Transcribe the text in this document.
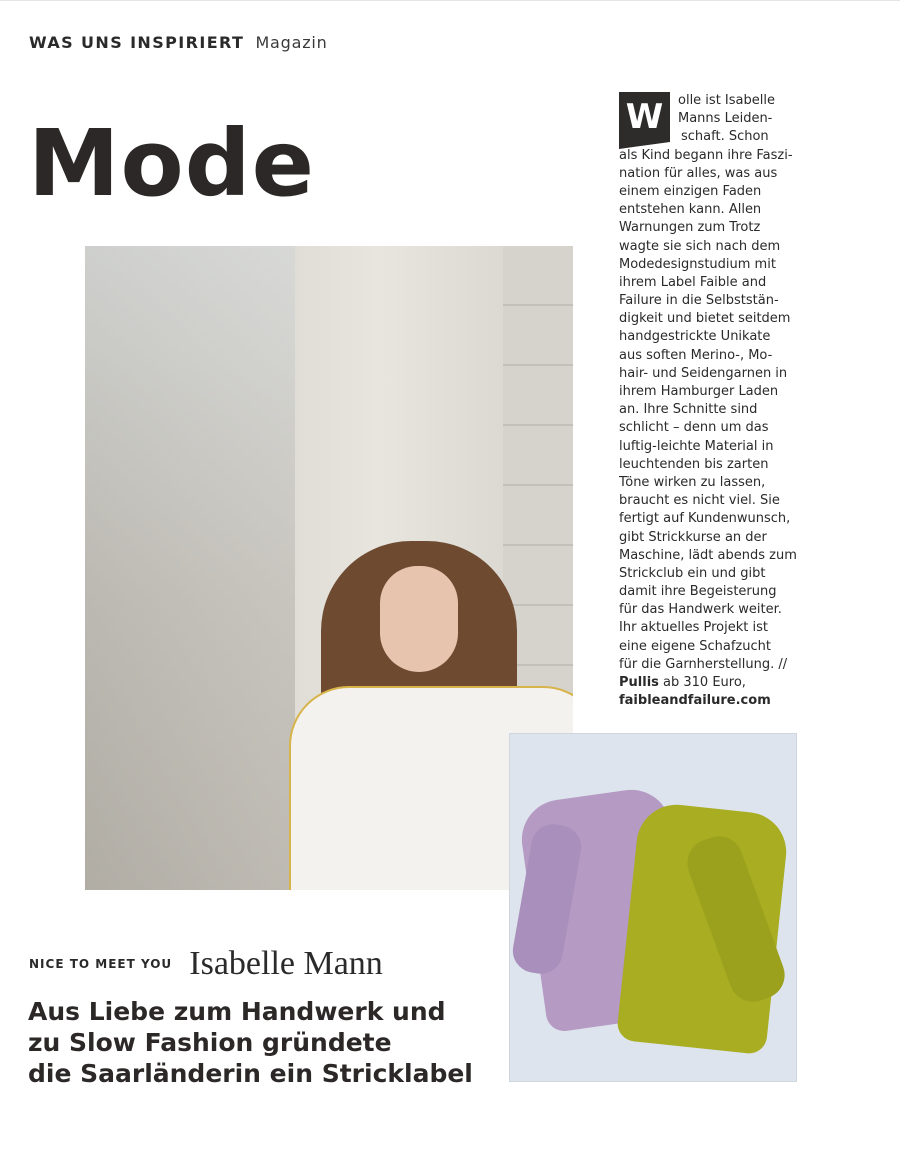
WAS UNS INSPIRIERT Magazin
Mode	W	olle ist Isabelle
Manns Leiden-
schaft. Schon
als Kind begann ihre Faszi-
nation für alles, was aus
einem einzigen Faden
entstehen kann. Allen
Warnungen zum Trotz
wagte sie sich nach dem
Modedesignstudium mit
ihrem Label Faible and
Failure in die Selbststän-
digkeit und bietet seitdem
handgestrickte Unikate
aus soften Merino-, Mo-
hair- und Seidengarnen in
ihrem Hamburger Laden
an. Ihre Schnitte sind
schlicht – denn um das
luftig-leichte Material in
leuchtenden bis zarten
Töne wirken zu lassen,
braucht es nicht viel. Sie
fertigt auf Kundenwunsch,
gibt Strickkurse an der
Maschine, lädt abends zum
Strickclub ein und gibt
damit ihre Begeisterung
für das Handwerk weiter.
Ihr aktuelles Projekt ist
eine eigene Schafzucht
für die Garnherstellung. //
Pullis ab 310 Euro,
faibleandfailure.com
NICE TO MEET YOU Isabelle Mann
Aus Liebe zum Handwerk und
zu Slow Fashion gründete
die Saarländerin ein Stricklabel
